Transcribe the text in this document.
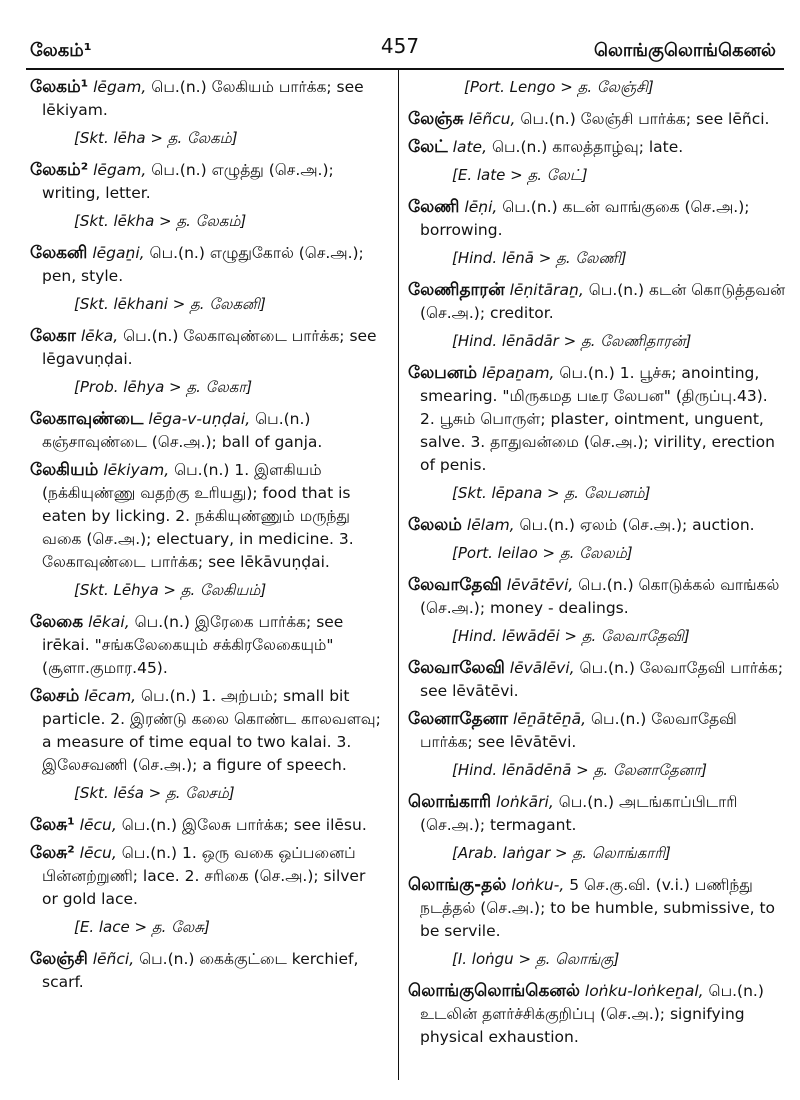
லேகம்¹	457	லொங்குலொங்கெனல்
லேகம்¹ lēgam, பெ.(n.) லேகியம் பார்க்க; see lēkiyam.
[Skt. lēha > த. லேகம்]
லேகம்² lēgam, பெ.(n.) எழுத்து (செ.அ.); writing, letter.
[Skt. lēkha > த. லேகம்]
லேகனி lēgaṉi, பெ.(n.) எழுதுகோல் (செ.அ.); pen, style.
[Skt. lēkhani > த. லேகனி]
லேகா lēka, பெ.(n.) லேகாவுண்டை பார்க்க; see lēgavuṇḍai.
[Prob. lēhya > த. லேகா]
லேகாவுண்டை lēga-v-uṇḍai, பெ.(n.) கஞ்சாவுண்டை (செ.அ.); ball of ganja.
லேகியம் lēkiyam, பெ.(n.) 1. இளகியம் (நக்கியுண்ணு வதற்கு உரியது); food that is eaten by licking. 2. நக்கியுண்ணும் மருந்து வகை (செ.அ.); electuary, in medicine. 3. லேகாவுண்டை பார்க்க; see lēkāvuṇḍai.
[Skt. Lēhya > த. லேகியம்]
லேகை lēkai, பெ.(n.) இரேகை பார்க்க; see irēkai. "சங்கலேகையும் சக்கிரலேகையும்" (சூளா.குமார.45).
லேசம் lēcam, பெ.(n.) 1. அற்பம்; small bit particle. 2. இரண்டு கலை கொண்ட காலவளவு; a measure of time equal to two kalai. 3. இலேசவணி (செ.அ.); a figure of speech.
[Skt. lēśa > த. லேசம்]
லேசு¹ lēcu, பெ.(n.) இலேசு பார்க்க; see ilēsu.
லேசு² lēcu, பெ.(n.) 1. ஒரு வகை ஒப்பனைப் பின்னற்றுணி; lace. 2. சரிகை (செ.அ.); silver or gold lace.
[E. lace > த. லேசு]
லேஞ்சி lēñci, பெ.(n.) கைக்குட்டை kerchief, scarf.
[Port. Lengo > த. லேஞ்சி]
லேஞ்சு lēñcu, பெ.(n.) லேஞ்சி பார்க்க; see lēñci.
லேட் late, பெ.(n.) காலத்தாழ்வு; late.
[E. late > த. லேட்]
லேணி lēṇi, பெ.(n.) கடன் வாங்குகை (செ.அ.); borrowing.
[Hind. lēnā > த. லேணி]
லேணிதாரன் lēṇitāraṉ, பெ.(n.) கடன் கொடுத்தவன் (செ.அ.); creditor.
[Hind. lēnādār > த. லேணிதாரன்]
லேபனம் lēpaṉam, பெ.(n.) 1. பூச்சு; anointing, smearing. "மிருகமத படீர லேபன" (திருப்பு.43). 2. பூசும் பொருள்; plaster, ointment, unguent, salve. 3. தாதுவன்மை (செ.அ.); virility, erection of penis.
[Skt. lēpana > த. லேபனம்]
லேலம் lēlam, பெ.(n.) ஏலம் (செ.அ.); auction.
[Port. leilao > த. லேலம்]
லேவாதேவி lēvātēvi, பெ.(n.) கொடுக்கல் வாங்கல் (செ.அ.); money - dealings.
[Hind. lēwādēi > த. லேவாதேவி]
லேவாலேவி lēvālēvi, பெ.(n.) லேவாதேவி பார்க்க; see lēvātēvi.
லேனாதேனா lēṉātēṉā, பெ.(n.) லேவாதேவி பார்க்க; see lēvātēvi.
[Hind. lēnādēnā > த. லேனாதேனா]
லொங்காரி loṅkāri, பெ.(n.) அடங்காப்பிடாரி (செ.அ.); termagant.
[Arab. laṅgar > த. லொங்காரி]
லொங்கு-தல் loṅku-, 5 செ.கு.வி. (v.i.) பணிந்து நடத்தல் (செ.அ.); to be humble, submissive, to be servile.
[I. loṅgu > த. லொங்கு]
லொங்குலொங்கெனல் loṅku-loṅkeṉal, பெ.(n.) உடலின் தளர்ச்சிக்குறிப்பு (செ.அ.); signifying physical exhaustion.
